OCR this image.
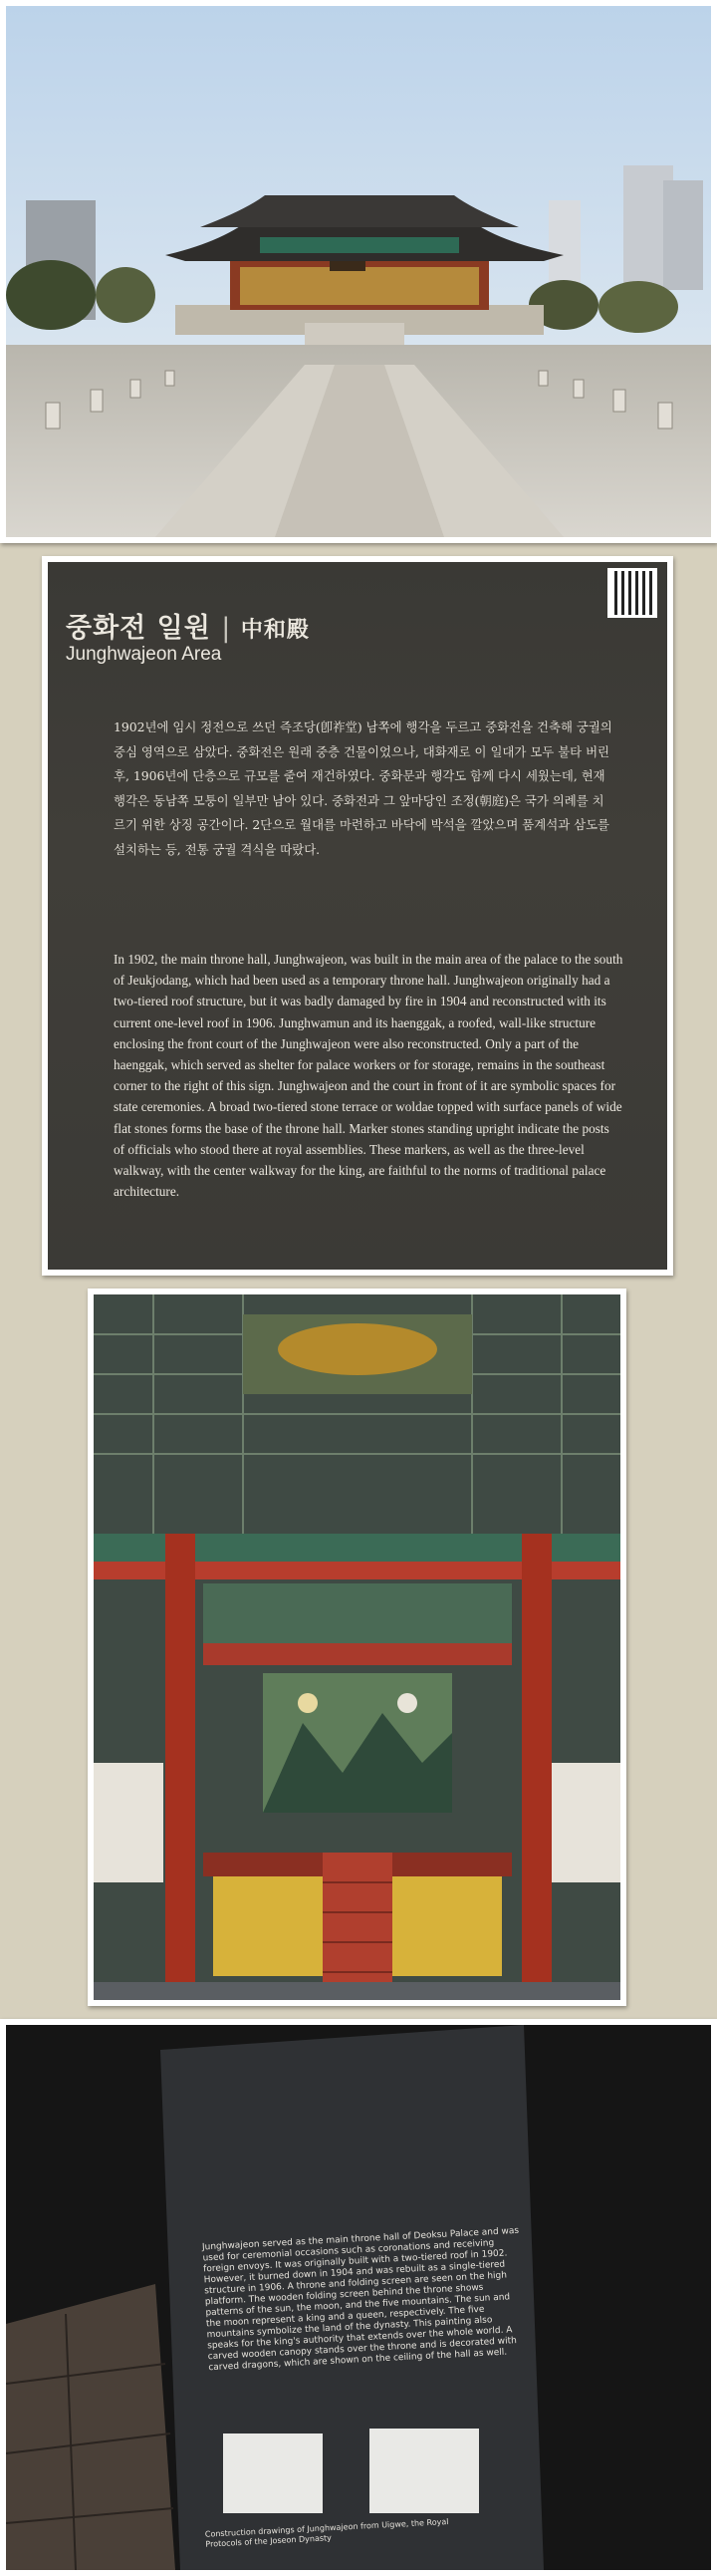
중화전 일원 | 中和殿
Junghwajeon Area

1902년에 임시 정전으로 쓰던 즉조당(卽祚堂) 남쪽에 행각을 두르고 중화전을 건축해 궁궐의 중심 영역으로 삼았다. 중화전은 원래 중층 건물이었으나, 대화재로 이 일대가 모두 불타 버린 후, 1906년에 단층으로 규모를 줄여 재건하였다. 중화문과 행각도 함께 다시 세웠는데, 현재 행각은 동남쪽 모퉁이 일부만 남아 있다. 중화전과 그 앞마당인 조정(朝庭)은 국가 의례를 치르기 위한 상징 공간이다. 2단으로 월대를 마련하고 바닥에 박석을 깔았으며 품계석과 삼도를 설치하는 등, 전통 궁궐 격식을 따랐다.

In 1902, the main throne hall, Junghwajeon, was built in the main area of the palace to the south of Jeukjodang, which had been used as a temporary throne hall. Junghwajeon originally had a two-tiered roof structure, but it was badly damaged by fire in 1904 and reconstructed with its current one-level roof in 1906. Junghwamun and its haenggak, a roofed, wall-like structure enclosing the front court of the Junghwajeon were also reconstructed. Only a part of the haenggak, which served as shelter for palace workers or for storage, remains in the southeast corner to the right of this sign. Junghwajeon and the court in front of it are symbolic spaces for state ceremonies. A broad two-tiered stone terrace or woldae topped with surface panels of wide flat stones forms the base of the throne hall. Marker stones standing upright indicate the posts of officials who stood there at royal assemblies. These markers, as well as the three-level walkway, with the center walkway for the king, are faithful to the norms of traditional palace architecture.

Junghwajeon served as the main throne hall of Deoksu Palace and was used for ceremonial occasions such as coronations and receiving foreign envoys. It was originally built with a two-tiered roof in 1902. However, it burned down in 1904 and was rebuilt as a single-tiered structure in 1906. A throne and folding screen are seen on the high platform. The wooden folding screen behind the throne shows patterns of the sun, the moon, and the five mountains. The sun and the moon represent a king and a queen, respectively. The five mountains symbolize the land of the dynasty. This painting also speaks for the king's authority that extends over the whole world. A carved wooden canopy stands over the throne and is decorated with carved dragons, which are shown on the ceiling of the hall as well.
Construction drawings of Junghwajeon from Uigwe, the Royal Protocols of the Joseon Dynasty
